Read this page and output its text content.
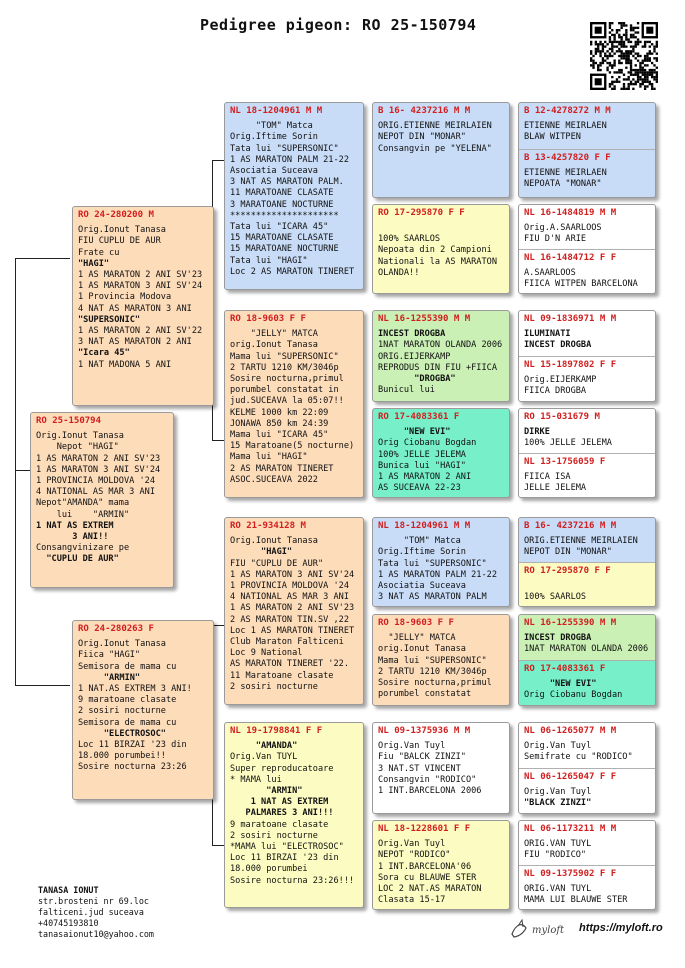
Pedigree pigeon: RO 25-150794
RO 25-150794
Orig.Ionut Tanasa
Nepot "HAGI"
1 AS MARATON 2 ANI SV'23
1 AS MARATON 3 ANI SV'24
1 PROVINCIA MOLDOVA '24
4 NATIONAL AS MAR 3 ANI
Nepot"AMANDA" mama
lui    "ARMIN"
1 NAT AS EXTREM
3 ANI!!
Consangvinizare pe
"CUPLU DE AUR"
RO 24-280200 M
Orig.Ionut Tanasa
FIU CUPLU DE AUR
Frate cu
"HAGI"
1 AS MARATON 2 ANI SV'23
1 AS MARATON 3 ANI SV'24
1 Provincia Modova
4 NAT AS MARATON 3 ANI
"SUPERSONIC"
1 AS MARATON 2 ANI SV'22
3 NAT AS MARATON 2 ANI
"Icara 45"
1 NAT MADONA 5 ANI
RO 24-280263 F
Orig.Ionut Tanasa
Fiica "HAGI"
Semisora de mama cu
"ARMIN"
1 NAT.AS EXTREM 3 ANI!
9 maratoane clasate
2 sosiri nocturne
Semisora de mama cu
"ELECTROSOC"
Loc 11 BIRZAI '23 din
18.000 porumbei!!
Sosire nocturna 23:26
NL 18-1204961 M M
"TOM" Matca
Orig.Iftime Sorin
Tata lui "SUPERSONIC"
1 AS MARATON PALM 21-22
Asociatia Suceava
3 NAT AS MARATON PALM.
11 MARATOANE CLASATE
3 MARATOANE NOCTURNE
*********************
Tata lui "ICARA 45"
15 MARATOANE CLASATE
15 MARATOANE NOCTURNE
Tata lui "HAGI"
Loc 2 AS MARATON TINERET
RO 18-9603 F F
"JELLY" MATCA
orig.Ionut Tanasa
Mama lui "SUPERSONIC"
2 TARTU 1210 KM/3046p
Sosire nocturna,primul
porumbel constatat in
jud.SUCEAVA la 05:07!!
KELME 1000 km 22:09
JONAWA 850 km 24:39
Mama lui "ICARA 45"
15 Maratoane(5 nocturne)
Mama lui "HAGI"
2 AS MARATON TINERET
ASOC.SUCEAVA 2022
RO 21-934128 M
Orig.Ionut Tanasa
"HAGI"
FIU "CUPLU DE AUR"
1 AS MARATON 3 ANI SV'24
1 PROVINCIA MOLDOVA '24
4 NATIONAL AS MAR 3 ANI
1 AS MARATON 2 ANI SV'23
2 AS MARATON TIN.SV ,22
Loc 1 AS MARATON TINERET
Club Maraton Falticeni
Loc 9 National
AS MARATON TINERET '22.
11 Maratoane clasate
2 sosiri nocturne
NL 19-1798841 F F
"AMANDA"
Orig.Van TUYL
Super reproducatoare
* MAMA lui
"ARMIN"
1 NAT AS EXTREM
PALMARES 3 ANI!!!
9 maratoane clasate
2 sosiri nocturne
*MAMA lui "ELECTROSOC"
Loc 11 BIRZAI '23 din
18.000 porumbei
Sosire nocturna 23:26!!!
B 16- 4237216 M M
ORIG.ETIENNE MEIRLAIEN
NEPOT DIN "MONAR"
Consangvin pe "YELENA"
RO 17-295870 F F
100% SAARLOS
Nepoata din 2 Campioni
Nationali la AS MARATON
OLANDA!!
NL 16-1255390 M M
INCEST DROGBA
1NAT MARATON OLANDA 2006
ORIG.EIJERKAMP
REPRODUS DIN FIU +FIICA
"DROGBA"
Bunicul lui
RO 17-4083361 F
"NEW EVI"
Orig Ciobanu Bogdan
100% JELLE JELEMA
Bunica lui "HAGI"
1 AS MARATON 2 ANI
AS SUCEAVA 22-23
NL 18-1204961 M M
"TOM" Matca
Orig.Iftime Sorin
Tata lui "SUPERSONIC"
1 AS MARATON PALM 21-22
Asociatia Suceava
3 NAT AS MARATON PALM
RO 18-9603 F F
"JELLY" MATCA
orig.Ionut Tanasa
Mama lui "SUPERSONIC"
2 TARTU 1210 KM/3046p
Sosire nocturna,primul
porumbel constatat
NL 09-1375936 M M
Orig.Van Tuyl
Fiu "BALCK ZINZI"
3 NAT.ST VINCENT
Consangvin "RODICO"
1 INT.BARCELONA 2006
NL 18-1228601 F F
Orig.Van Tuyl
NEPOT "RODICO"
1 INT.BARCELONA'06
Sora cu BLAUWE STER
LOC 2 NAT.AS MARATON
Clasata 15-17
B 12-4278272 M M
ETIENNE MEIRLAEN
BLAW WITPEN
B 13-4257820 F F
ETIENNE MEIRLAEN
NEPOATA "MONAR"
NL 16-1484819 M M
Orig.A.SAARLOOS
FIU D'N ARIE
NL 16-1484712 F F
A.SAARLOOS
FIICA WITPEN BARCELONA
NL 09-1836971 M M
ILUMINATI
INCEST DROGBA
NL 15-1897802 F F
Orig.EIJERKAMP
FIICA DROGBA
RO 15-031679 M
DIRKE
100% JELLE JELEMA
NL 13-1756059 F
FIICA ISA
JELLE JELEMA
B 16- 4237216 M M
ORIG.ETIENNE MEIRLAIEN
NEPOT DIN "MONAR"
RO 17-295870 F F
100% SAARLOS
NL 16-1255390 M M
INCEST DROGBA
1NAT MARATON OLANDA 2006
RO 17-4083361 F
"NEW EVI"
Orig Ciobanu Bogdan
NL 06-1265077 M M
Orig.Van Tuyl
Semifrate cu "RODICO"
NL 06-1265047 F F
Orig.Van Tuyl
"BLACK ZINZI"
NL 06-1173211 M M
ORIG.VAN TUYL
FIU "RODICO"
NL 09-1375902 F F
ORIG.VAN TUYL
MAMA LUI BLAUWE STER
TANASA IONUT
str.brosteni nr 69.loc
falticeni.jud suceava
+40745193810
tanasaionut10@yahoo.com	myloft https://myloft.ro
